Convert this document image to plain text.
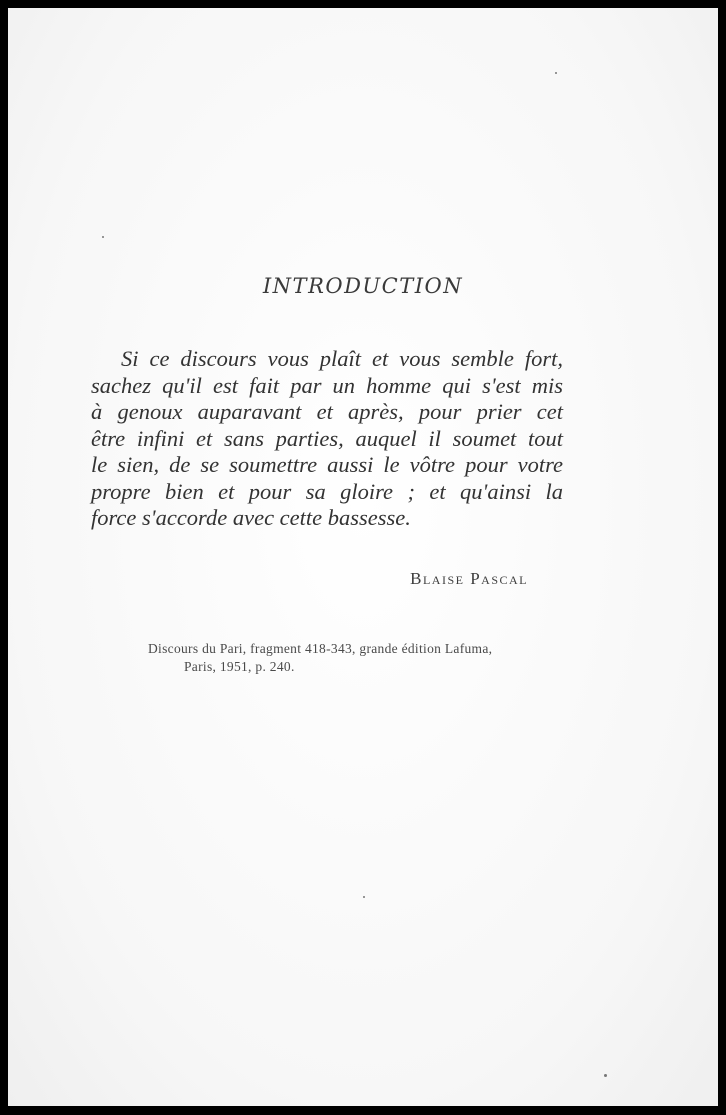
INTRODUCTION
Si ce discours vous plaît et vous semble fort,
sachez qu'il est fait par un homme qui s'est mis
à genoux auparavant et après, pour prier cet
être infini et sans parties, auquel il soumet tout
le sien, de se soumettre aussi le vôtre pour votre
propre bien et pour sa gloire ; et qu'ainsi la
force s'accorde avec cette bassesse.
Blaise Pascal
Discours du Pari, fragment 418-343, grande édition Lafuma,
Paris, 1951, p. 240.
